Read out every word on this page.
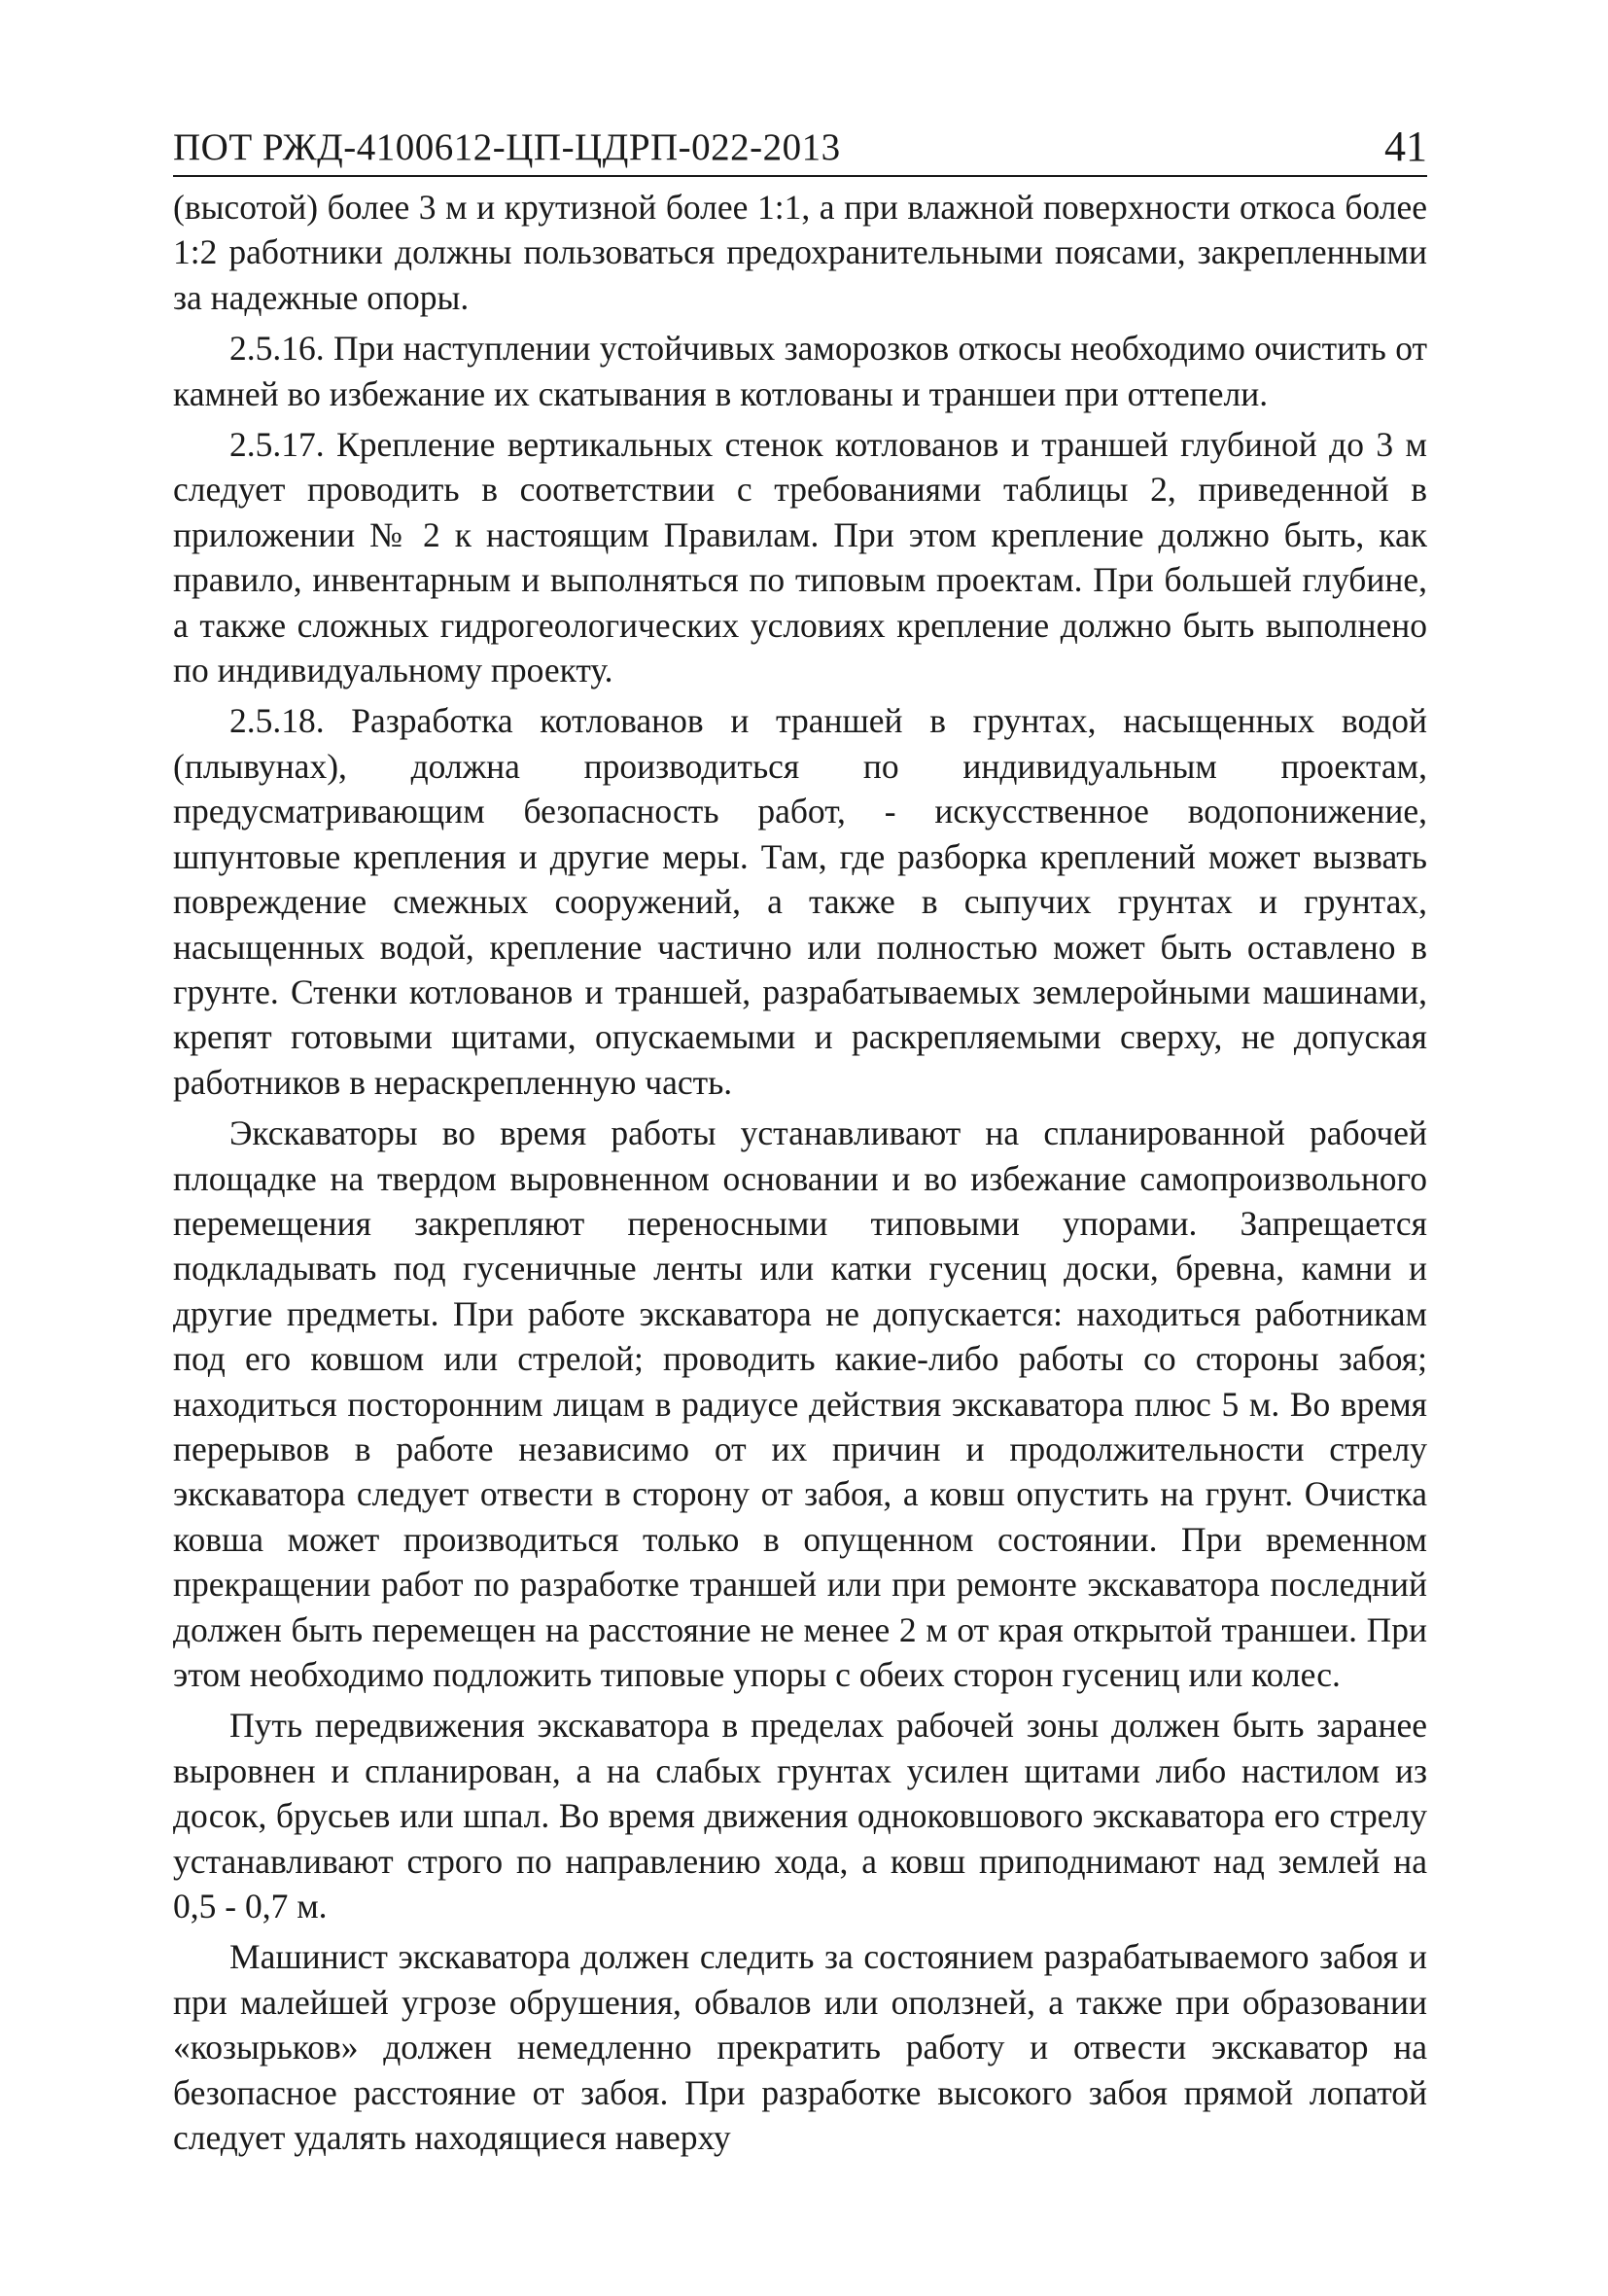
ПОТ РЖД-4100612-ЦП-ЦДРП-022-2013	41

(высотой) более 3 м и крутизной более 1:1, а при влажной поверхности откоса более 1:2 работники должны пользоваться предохранительными поясами, закрепленными за надежные опоры.

2.5.16. При наступлении устойчивых заморозков откосы необходимо очистить от камней во избежание их скатывания в котлованы и траншеи при оттепели.

2.5.17. Крепление вертикальных стенок котлованов и траншей глубиной до 3 м следует проводить в соответствии с требованиями таблицы 2, приведенной в приложении № 2 к настоящим Правилам. При этом крепление должно быть, как правило, инвентарным и выполняться по типовым проектам. При большей глубине, а также сложных гидрогеологических условиях крепление должно быть выполнено по индивидуальному проекту.

2.5.18. Разработка котлованов и траншей в грунтах, насыщенных водой (плывунах), должна производиться по индивидуальным проектам, предусматривающим безопасность работ, - искусственное водопонижение, шпунтовые крепления и другие меры. Там, где разборка креплений может вызвать повреждение смежных сооружений, а также в сыпучих грунтах и грунтах, насыщенных водой, крепление частично или полностью может быть оставлено в грунте. Стенки котлованов и траншей, разрабатываемых землеройными машинами, крепят готовыми щитами, опускаемыми и раскрепляемыми сверху, не допуская работников в нераскрепленную часть.

Экскаваторы во время работы устанавливают на спланированной рабочей площадке на твердом выровненном основании и во избежание самопроизвольного перемещения закрепляют переносными типовыми упорами. Запрещается подкладывать под гусеничные ленты или катки гусениц доски, бревна, камни и другие предметы. При работе экскаватора не допускается: находиться работникам под его ковшом или стрелой; проводить какие-либо работы со стороны забоя; находиться посторонним лицам в радиусе действия экскаватора плюс 5 м. Во время перерывов в работе независимо от их причин и продолжительности стрелу экскаватора следует отвести в сторону от забоя, а ковш опустить на грунт. Очистка ковша может производиться только в опущенном состоянии. При временном прекращении работ по разработке траншей или при ремонте экскаватора последний должен быть перемещен на расстояние не менее 2 м от края открытой траншеи. При этом необходимо подложить типовые упоры с обеих сторон гусениц или колес.

Путь передвижения экскаватора в пределах рабочей зоны должен быть заранее выровнен и спланирован, а на слабых грунтах усилен щитами либо настилом из досок, брусьев или шпал. Во время движения одноковшового экскаватора его стрелу устанавливают строго по направлению хода, а ковш приподнимают над землей на 0,5 - 0,7 м.

Машинист экскаватора должен следить за состоянием разрабатываемого забоя и при малейшей угрозе обрушения, обвалов или оползней, а также при образовании «козырьков» должен немедленно прекратить работу и отвести экскаватор на безопасное расстояние от забоя. При разработке высокого забоя прямой лопатой следует удалять находящиеся наверху
